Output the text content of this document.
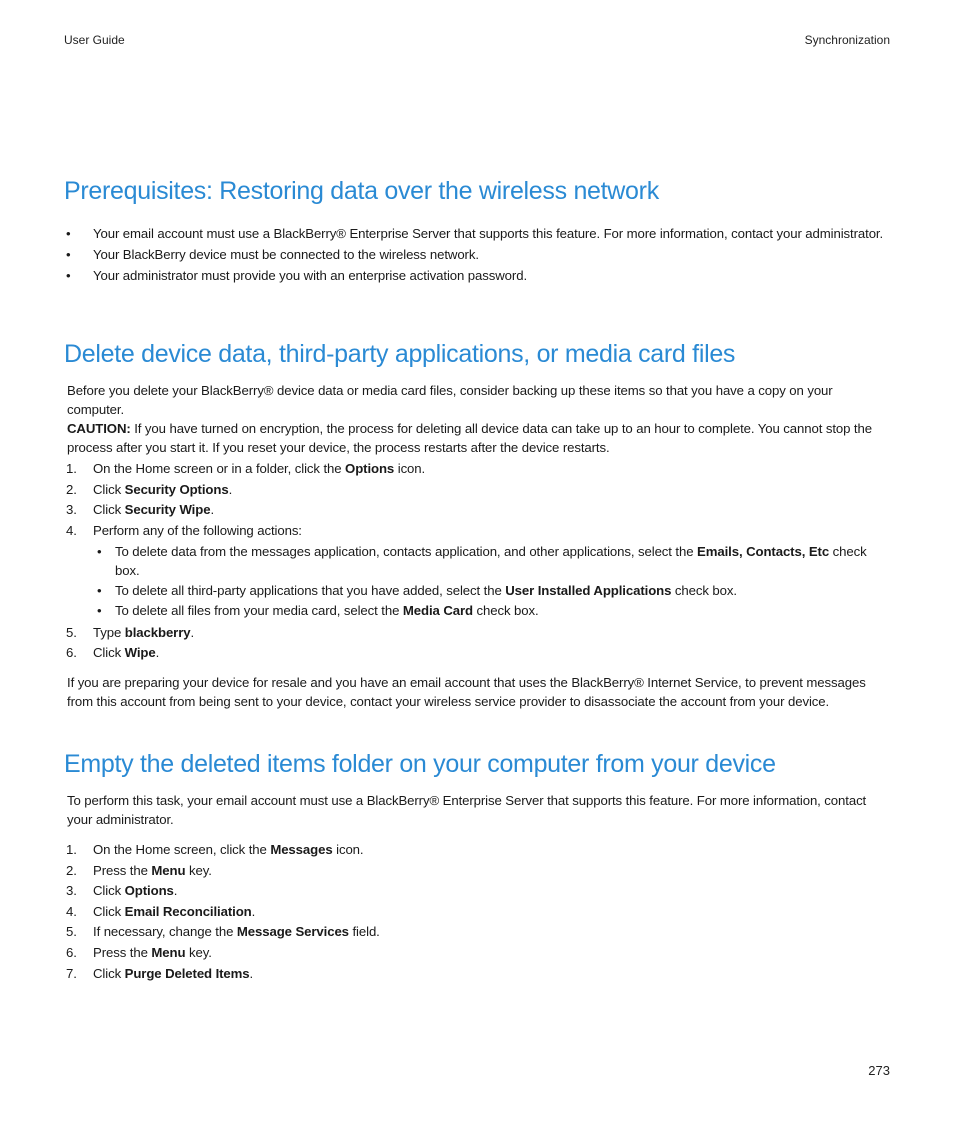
User Guide	Synchronization
Prerequisites: Restoring data over the wireless network
• Your email account must use a BlackBerry® Enterprise Server that supports this feature. For more information, contact your administrator.
• Your BlackBerry device must be connected to the wireless network.
• Your administrator must provide you with an enterprise activation password.
Delete device data, third-party applications, or media card files
Before you delete your BlackBerry® device data or media card files, consider backing up these items so that you have a copy on your computer.
CAUTION: If you have turned on encryption, the process for deleting all device data can take up to an hour to complete. You cannot stop the process after you start it. If you reset your device, the process restarts after the device restarts.
1. On the Home screen or in a folder, click the Options icon.
2. Click Security Options.
3. Click Security Wipe.
4. Perform any of the following actions:
• To delete data from the messages application, contacts application, and other applications, select the Emails, Contacts, Etc check box.
• To delete all third-party applications that you have added, select the User Installed Applications check box.
• To delete all files from your media card, select the Media Card check box.
5. Type blackberry.
6. Click Wipe.
If you are preparing your device for resale and you have an email account that uses the BlackBerry® Internet Service, to prevent messages from this account from being sent to your device, contact your wireless service provider to disassociate the account from your device.
Empty the deleted items folder on your computer from your device
To perform this task, your email account must use a BlackBerry® Enterprise Server that supports this feature. For more information, contact your administrator.
1. On the Home screen, click the Messages icon.
2. Press the Menu key.
3. Click Options.
4. Click Email Reconciliation.
5. If necessary, change the Message Services field.
6. Press the Menu key.
7. Click Purge Deleted Items.
273
